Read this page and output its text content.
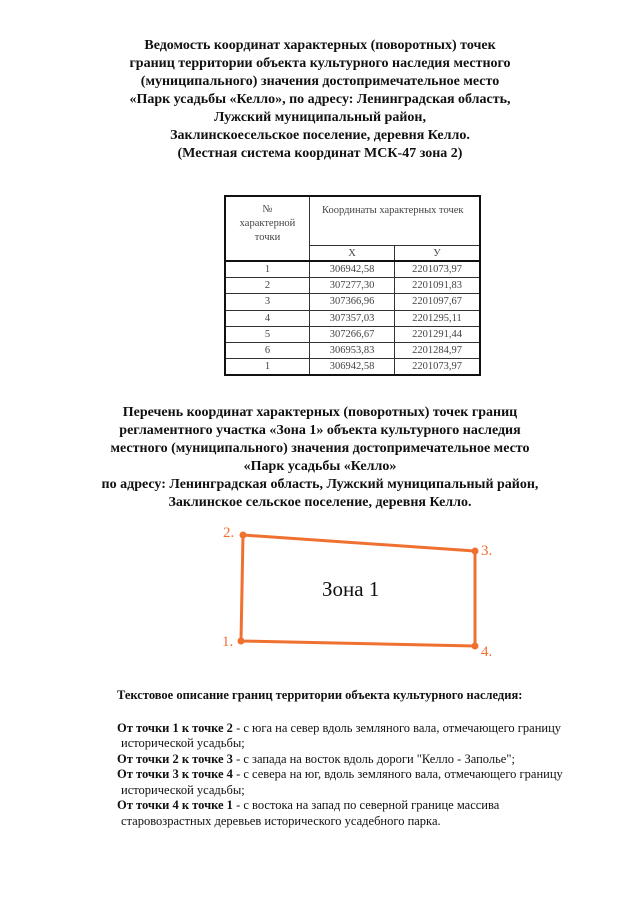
Ведомость координат характерных (поворотных) точек
границ территории объекта культурного наследия местного
(муниципального) значения достопримечательное место
«Парк усадьбы «Келло», по адресу: Ленинградская область,
Лужский муниципальный район,
Заклинскоесельское поселение, деревня Келло.
(Местная система координат МСК-47 зона 2)
№
характерной
точки	Координаты характерных точек	
	X	У
1	306942,58	2201073,97
2	307277,30	2201091,83
3	307366,96	2201097,67
4	307357,03	2201295,11
5	307266,67	2201291,44
6	306953,83	2201284,97
1	306942,58	2201073,97
Перечень координат характерных (поворотных) точек границ
регламентного участка «Зона 1» объекта культурного наследия
местного (муниципального) значения достопримечательное место
«Парк усадьбы «Келло»
по адресу: Ленинградская область, Лужский муниципальный район,
Заклинское сельское поселение, деревня Келло.
1.
2.
3.
4.
Зона 1
Текстовое описание границ территории объекта культурного наследия:
От точки 1 к точке 2 - с юга на север вдоль земляного вала, отмечающего границу
исторической усадьбы;
От точки 2 к точке 3 - с запада на восток вдоль дороги "Келло - Заполье";
От точки 3 к точке 4 - с севера на юг, вдоль земляного вала, отмечающего границу
исторической усадьбы;
От точки 4 к точке 1 - с востока на запад по северной границе массива
старовозрастных деревьев исторического усадебного парка.
